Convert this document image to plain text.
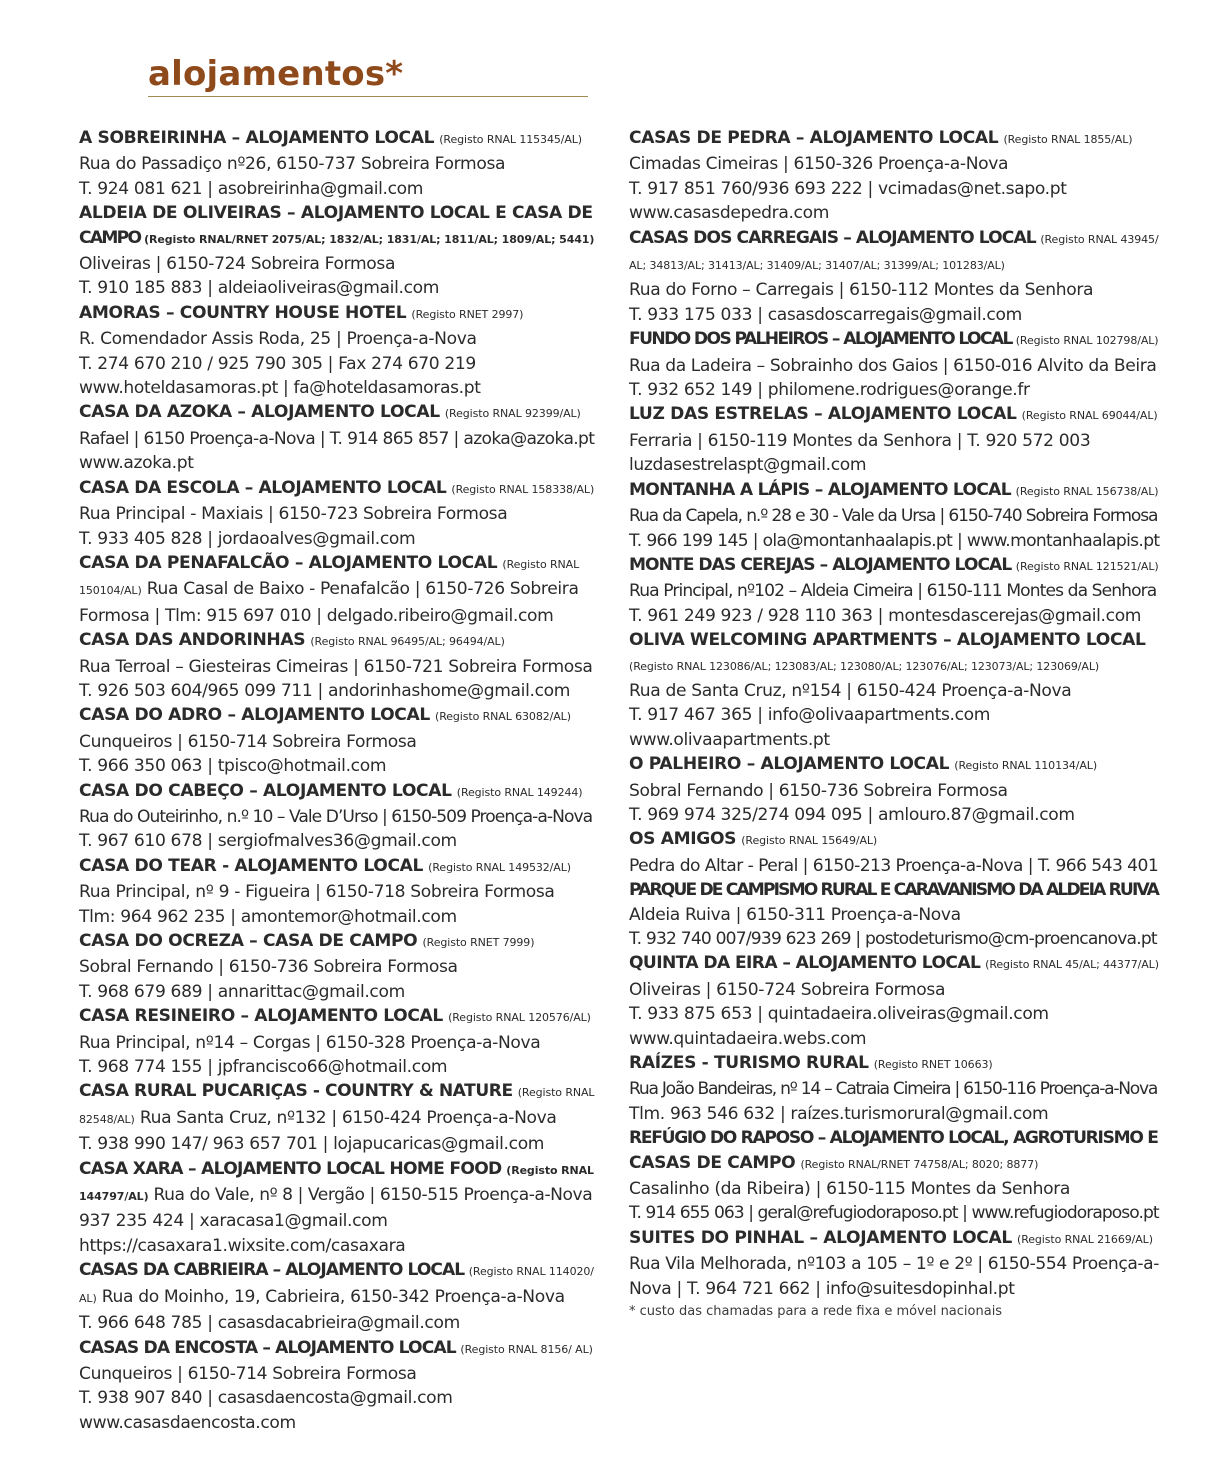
alojamentos*
A SOBREIRINHA – ALOJAMENTO LOCAL (Registo RNAL 115345/AL)
Rua do Passadiço nº26, 6150-737 Sobreira Formosa
T. 924 081 621 | asobreirinha@gmail.com
ALDEIA DE OLIVEIRAS – ALOJAMENTO LOCAL E CASA DE
CAMPO (Registo RNAL/RNET 2075/AL; 1832/AL; 1831/AL; 1811/AL; 1809/AL; 5441)
Oliveiras | 6150-724 Sobreira Formosa
T. 910 185 883 | aldeiaoliveiras@gmail.com
AMORAS – COUNTRY HOUSE HOTEL (Registo RNET 2997)
R. Comendador Assis Roda, 25 | Proença-a-Nova
T. 274 670 210 / 925 790 305 | Fax 274 670 219
www.hoteldasamoras.pt | fa@hoteldasamoras.pt
CASA DA AZOKA – ALOJAMENTO LOCAL (Registo RNAL 92399/AL)
Rafael | 6150 Proença-a-Nova | T. 914 865 857 | azoka@azoka.pt
www.azoka.pt
CASA DA ESCOLA – ALOJAMENTO LOCAL (Registo RNAL 158338/AL)
Rua Principal - Maxiais | 6150-723 Sobreira Formosa
T. 933 405 828 | jordaoalves@gmail.com
CASA DA PENAFALCÃO – ALOJAMENTO LOCAL (Registo RNAL
150104/AL) Rua Casal de Baixo - Penafalcão | 6150-726 Sobreira
Formosa | Tlm: 915 697 010 | delgado.ribeiro@gmail.com
CASA DAS ANDORINHAS (Registo RNAL 96495/AL; 96494/AL)
Rua Terroal – Giesteiras Cimeiras | 6150-721 Sobreira Formosa
T. 926 503 604/965 099 711 | andorinhashome@gmail.com
CASA DO ADRO – ALOJAMENTO LOCAL (Registo RNAL 63082/AL)
Cunqueiros | 6150-714 Sobreira Formosa
T. 966 350 063 | tpisco@hotmail.com
CASA DO CABEÇO – ALOJAMENTO LOCAL (Registo RNAL 149244)
Rua do Outeirinho, n.º 10 – Vale D’Urso | 6150-509 Proença-a-Nova
T. 967 610 678 | sergiofmalves36@gmail.com
CASA DO TEAR - ALOJAMENTO LOCAL (Registo RNAL 149532/AL)
Rua Principal, nº 9 - Figueira | 6150-718 Sobreira Formosa
Tlm: 964 962 235 | amontemor@hotmail.com
CASA DO OCREZA – CASA DE CAMPO (Registo RNET 7999)
Sobral Fernando | 6150-736 Sobreira Formosa
T. 968 679 689 | annarittac@gmail.com
CASA RESINEIRO – ALOJAMENTO LOCAL (Registo RNAL 120576/AL)
Rua Principal, nº14 – Corgas | 6150-328 Proença-a-Nova
T. 968 774 155 | jpfrancisco66@hotmail.com
CASA RURAL PUCARIÇAS - COUNTRY & NATURE (Registo RNAL
82548/AL) Rua Santa Cruz, nº132 | 6150-424 Proença-a-Nova
T. 938 990 147/ 963 657 701 | lojapucaricas@gmail.com
CASA XARA – ALOJAMENTO LOCAL HOME FOOD (Registo RNAL
144797/AL) Rua do Vale, nº 8 | Vergão | 6150-515 Proença-a-Nova
937 235 424 | xaracasa1@gmail.com
https://casaxara1.wixsite.com/casaxara
CASAS DA CABRIEIRA – ALOJAMENTO LOCAL (Registo RNAL 114020/
AL) Rua do Moinho, 19, Cabrieira, 6150-342 Proença-a-Nova
T. 966 648 785 | casasdacabrieira@gmail.com
CASAS DA ENCOSTA – ALOJAMENTO LOCAL (Registo RNAL 8156/ AL)
Cunqueiros | 6150-714 Sobreira Formosa
T. 938 907 840 | casasdaencosta@gmail.com
www.casasdaencosta.com
CASAS DE PEDRA – ALOJAMENTO LOCAL (Registo RNAL 1855/AL)
Cimadas Cimeiras | 6150-326 Proença-a-Nova
T. 917 851 760/936 693 222 | vcimadas@net.sapo.pt
www.casasdepedra.com
CASAS DOS CARREGAIS – ALOJAMENTO LOCAL (Registo RNAL 43945/
AL; 34813/AL; 31413/AL; 31409/AL; 31407/AL; 31399/AL; 101283/AL)
Rua do Forno – Carregais | 6150-112 Montes da Senhora
T. 933 175 033 | casasdoscarregais@gmail.com
FUNDO DOS PALHEIROS – ALOJAMENTO LOCAL (Registo RNAL 102798/AL)
Rua da Ladeira – Sobrainho dos Gaios | 6150-016 Alvito da Beira
T. 932 652 149 | philomene.rodrigues@orange.fr
LUZ DAS ESTRELAS – ALOJAMENTO LOCAL (Registo RNAL 69044/AL)
Ferraria | 6150-119 Montes da Senhora | T. 920 572 003
luzdasestrelaspt@gmail.com
MONTANHA A LÁPIS – ALOJAMENTO LOCAL (Registo RNAL 156738/AL)
Rua da Capela, n.º 28 e 30 - Vale da Ursa | 6150-740 Sobreira Formosa
T. 966 199 145 | ola@montanhaalapis.pt | www.montanhaalapis.pt
MONTE DAS CEREJAS – ALOJAMENTO LOCAL (Registo RNAL 121521/AL)
Rua Principal, nº102 – Aldeia Cimeira | 6150-111 Montes da Senhora
T. 961 249 923 / 928 110 363 | montesdascerejas@gmail.com
OLIVA WELCOMING APARTMENTS – ALOJAMENTO LOCAL
(Registo RNAL 123086/AL; 123083/AL; 123080/AL; 123076/AL; 123073/AL; 123069/AL)
Rua de Santa Cruz, nº154 | 6150-424 Proença-a-Nova
T. 917 467 365 | info@olivaapartments.com
www.olivaapartments.pt
O PALHEIRO – ALOJAMENTO LOCAL (Registo RNAL 110134/AL)
Sobral Fernando | 6150-736 Sobreira Formosa
T. 969 974 325/274 094 095 | amlouro.87@gmail.com
OS AMIGOS (Registo RNAL 15649/AL)
Pedra do Altar - Peral | 6150-213 Proença-a-Nova | T. 966 543 401
PARQUE DE CAMPISMO RURAL E CARAVANISMO DA ALDEIA RUIVA
Aldeia Ruiva | 6150-311 Proença-a-Nova
T. 932 740 007/939 623 269 | postodeturismo@cm-proencanova.pt
QUINTA DA EIRA – ALOJAMENTO LOCAL (Registo RNAL 45/AL; 44377/AL)
Oliveiras | 6150-724 Sobreira Formosa
T. 933 875 653 | quintadaeira.oliveiras@gmail.com
www.quintadaeira.webs.com
RAÍZES - TURISMO RURAL (Registo RNET 10663)
Rua João Bandeiras, nº 14 – Catraia Cimeira | 6150-116 Proença-a-Nova
Tlm. 963 546 632 | raízes.turismorural@gmail.com
REFÚGIO DO RAPOSO – ALOJAMENTO LOCAL, AGROTURISMO E
CASAS DE CAMPO (Registo RNAL/RNET 74758/AL; 8020; 8877)
Casalinho (da Ribeira) | 6150-115 Montes da Senhora
T. 914 655 063 | geral@refugiodoraposo.pt | www.refugiodoraposo.pt
SUITES DO PINHAL – ALOJAMENTO LOCAL (Registo RNAL 21669/AL)
Rua Vila Melhorada, nº103 a 105 – 1º e 2º | 6150-554 Proença-a-
Nova | T. 964 721 662 | info@suitesdopinhal.pt
* custo das chamadas para a rede fixa e móvel nacionais
